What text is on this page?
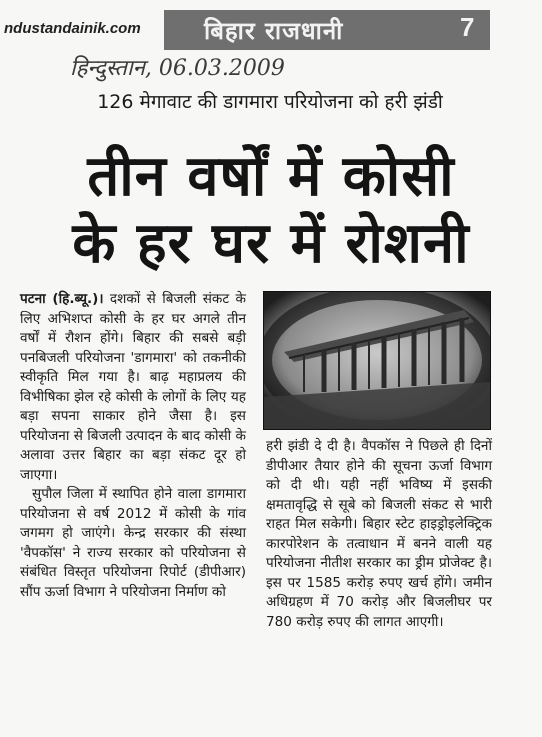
ndustandainik.com	बिहार राजधानी	7
हिन्दुस्तान, 06.03.2009
126 मेगावाट की डागमारा परियोजना को हरी झंडी
तीन वर्षों में कोसी
के हर घर में रोशनी

पटना (हि.ब्यू.)। दशकों से बिजली संकट के लिए अभिशप्त कोसी के हर घर अगले तीन वर्षों में रौशन होंगे। बिहार की सबसे बड़ी पनबिजली परियोजना 'डागमारा' को तकनीकी स्वीकृति मिल गया है। बाढ़ महाप्रलय की विभीषिका झेल रहे कोसी के लोगों के लिए यह बड़ा सपना साकार होने जैसा है। इस परियोजना से बिजली उत्पादन के बाद कोसी के अलावा उत्तर बिहार का बड़ा संकट दूर हो जाएगा।

सुपौल जिला में स्थापित होने वाला डागमारा परियोजना से वर्ष 2012 में कोसी के गांव जगमग हो जाएंगे। केन्द्र सरकार की संस्था 'वैपकॉस' ने राज्य सरकार को परियोजना से संबंधित विस्तृत परियोजना रिपोर्ट (डीपीआर) सौंप ऊर्जा विभाग ने परियोजना निर्माण को

हरी झंडी दे दी है। वैपकॉस ने पिछले ही दिनों डीपीआर तैयार होने की सूचना ऊर्जा विभाग को दी थी। यही नहीं भविष्य में इसकी क्षमतावृद्धि से सूबे को बिजली संकट से भारी राहत मिल सकेगी। बिहार स्टेट हाइड्रोइलेक्ट्रिक कारपोरेशन के तत्वाधान में बनने वाली यह परियोजना नीतीश सरकार का ड्रीम प्रोजेक्ट है। इस पर 1585 करोड़ रुपए खर्च होंगे। जमीन अधिग्रहण में 70 करोड़ और बिजलीघर पर 780 करोड़ रुपए की लागत आएगी।
